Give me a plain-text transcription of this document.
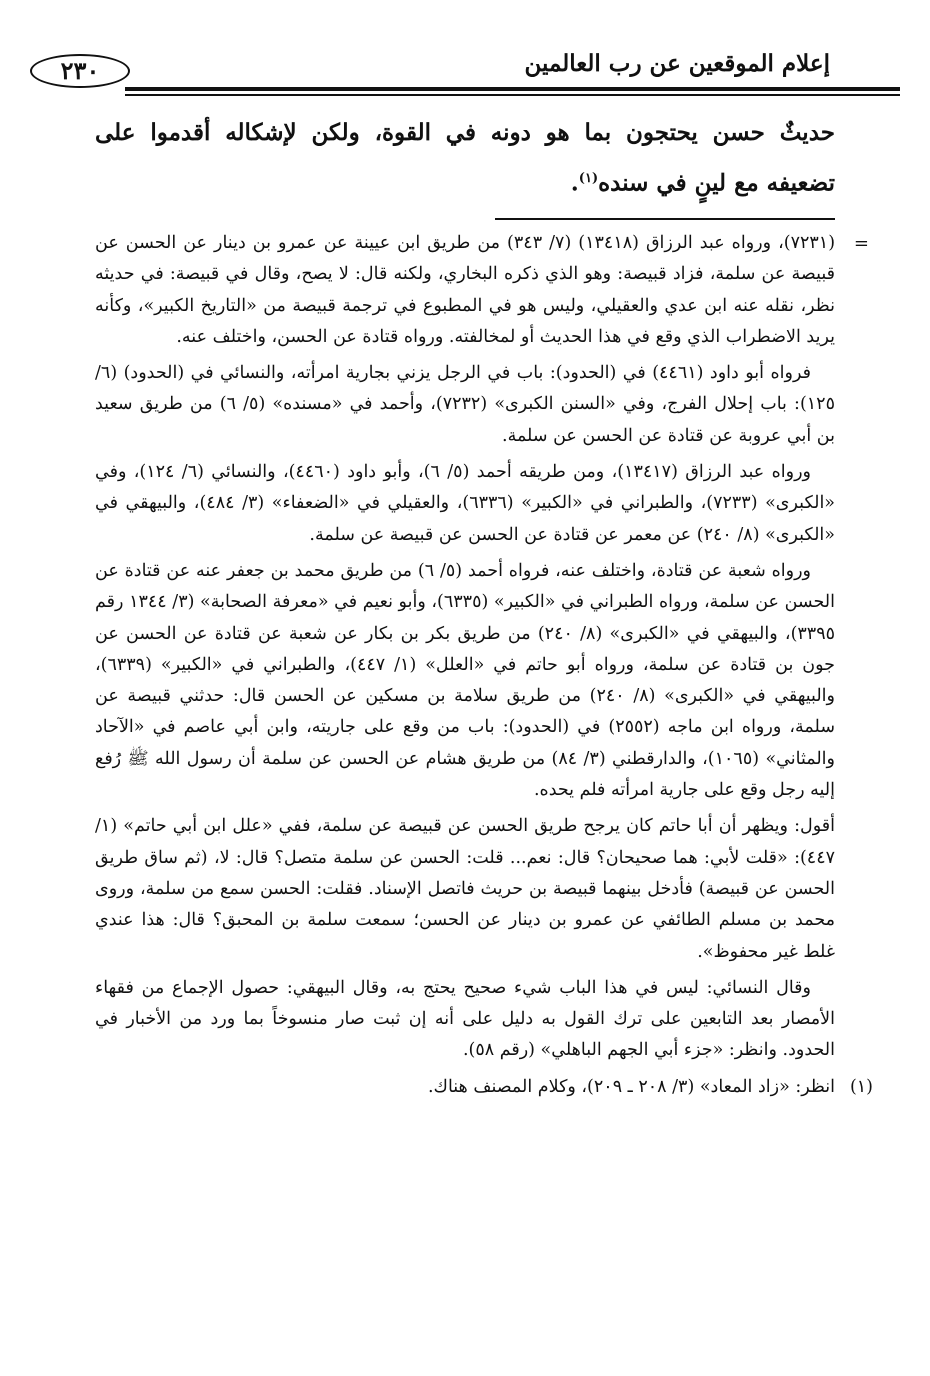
إعلام الموقعين عن رب العالمين
٢٣٠
حديثٌ حسن يحتجون بما هو دونه في القوة، ولكن لإشكاله أقدموا على تضعيفه مع لينٍ في سنده$^{(١)}$.

=
(٧٢٣١)، ورواه عبد الرزاق (١٣٤١٨) (٧/ ٣٤٣) من طريق ابن عيينة عن عمرو بن دينار عن الحسن عن قبيصة عن سلمة، فزاد قبيصة: وهو الذي ذكره البخاري، ولكنه قال: لا يصح، وقال في قبيصة: في حديثه نظر، نقله عنه ابن عدي والعقيلي، وليس هو في المطبوع في ترجمة قبيصة من «التاريخ الكبير»، وكأنه يريد الاضطراب الذي وقع في هذا الحديث أو لمخالفته. ورواه قتادة عن الحسن، واختلف عنه.

فرواه أبو داود (٤٤٦١) في (الحدود): باب في الرجل يزني بجارية امرأته، والنسائي في (الحدود) (٦/ ١٢٥): باب إحلال الفرج، وفي «السنن الكبرى» (٧٢٣٢)، وأحمد في «مسنده» (٥/ ٦) من طريق سعيد بن أبي عروبة عن قتادة عن الحسن عن سلمة.

ورواه عبد الرزاق (١٣٤١٧)، ومن طريقه أحمد (٥/ ٦)، وأبو داود (٤٤٦٠)، والنسائي (٦/ ١٢٤)، وفي «الكبرى» (٧٢٣٣)، والطبراني في «الكبير» (٦٣٣٦)، والعقيلي في «الضعفاء» (٣/ ٤٨٤)، والبيهقي في «الكبرى» (٨/ ٢٤٠) عن معمر عن قتادة عن الحسن عن قبيصة عن سلمة.

ورواه شعبة عن قتادة، واختلف عنه، فرواه أحمد (٥/ ٦) من طريق محمد بن جعفر عنه عن قتادة عن الحسن عن سلمة، ورواه الطبراني في «الكبير» (٦٣٣٥)، وأبو نعيم في «معرفة الصحابة» (٣/ ١٣٤٤ رقم ٣٣٩٥)، والبيهقي في «الكبرى» (٨/ ٢٤٠) من طريق بكر بن بكار عن شعبة عن قتادة عن الحسن عن جون بن قتادة عن سلمة، ورواه أبو حاتم في «العلل» (١/ ٤٤٧)، والطبراني في «الكبير» (٦٣٣٩)، والبيهقي في «الكبرى» (٨/ ٢٤٠) من طريق سلامة بن مسكين عن الحسن قال: حدثني قبيصة عن سلمة، ورواه ابن ماجه (٢٥٥٢) في (الحدود): باب من وقع على جاريته، وابن أبي عاصم في «الآحاد والمثاني» (١٠٦٥)، والدارقطني (٣/ ٨٤) من طريق هشام عن الحسن عن سلمة أن رسول الله ﷺ رُفع إليه رجل وقع على جارية امرأته فلم يحده.

أقول: ويظهر أن أبا حاتم كان يرجح طريق الحسن عن قبيصة عن سلمة، ففي «علل ابن أبي حاتم» (١/ ٤٤٧): «قلت لأبي: هما صحيحان؟ قال: نعم... قلت: الحسن عن سلمة متصل؟ قال: لا، (ثم ساق طريق الحسن عن قبيصة) فأدخل بينهما قبيصة بن حريث فاتصل الإسناد. فقلت: الحسن سمع من سلمة، وروى محمد بن مسلم الطائفي عن عمرو بن دينار عن الحسن؛ سمعت سلمة بن المحبق؟ قال: هذا عندي غلط غير محفوظ».

وقال النسائي: ليس في هذا الباب شيء صحيح يحتج به، وقال البيهقي: حصول الإجماع من فقهاء الأمصار بعد التابعين على ترك القول به دليل على أنه إن ثبت صار منسوخاً بما ورد من الأخبار في الحدود. وانظر: «جزء أبي الجهم الباهلي» (رقم ٥٨).

(١)
انظر: «زاد المعاد» (٣/ ٢٠٨ ـ ٢٠٩)، وكلام المصنف هناك.
